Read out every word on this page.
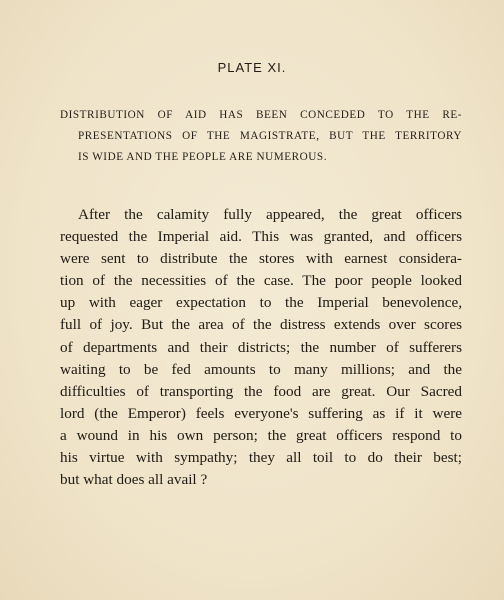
PLATE XI.
DISTRIBUTION OF AID HAS BEEN CONCEDED TO THE RE-
PRESENTATIONS OF THE MAGISTRATE, BUT THE TERRITORY
IS WIDE AND THE PEOPLE ARE NUMEROUS.
After the calamity fully appeared, the great officers
requested the Imperial aid. This was granted, and officers
were sent to distribute the stores with earnest considera-
tion of the necessities of the case. The poor people looked
up with eager expectation to the Imperial benevolence,
full of joy. But the area of the distress extends over scores
of departments and their districts; the number of sufferers
waiting to be fed amounts to many millions; and the
difficulties of transporting the food are great. Our Sacred
lord (the Emperor) feels everyone's suffering as if it were
a wound in his own person; the great officers respond to
his virtue with sympathy; they all toil to do their best;
but what does all avail ?
